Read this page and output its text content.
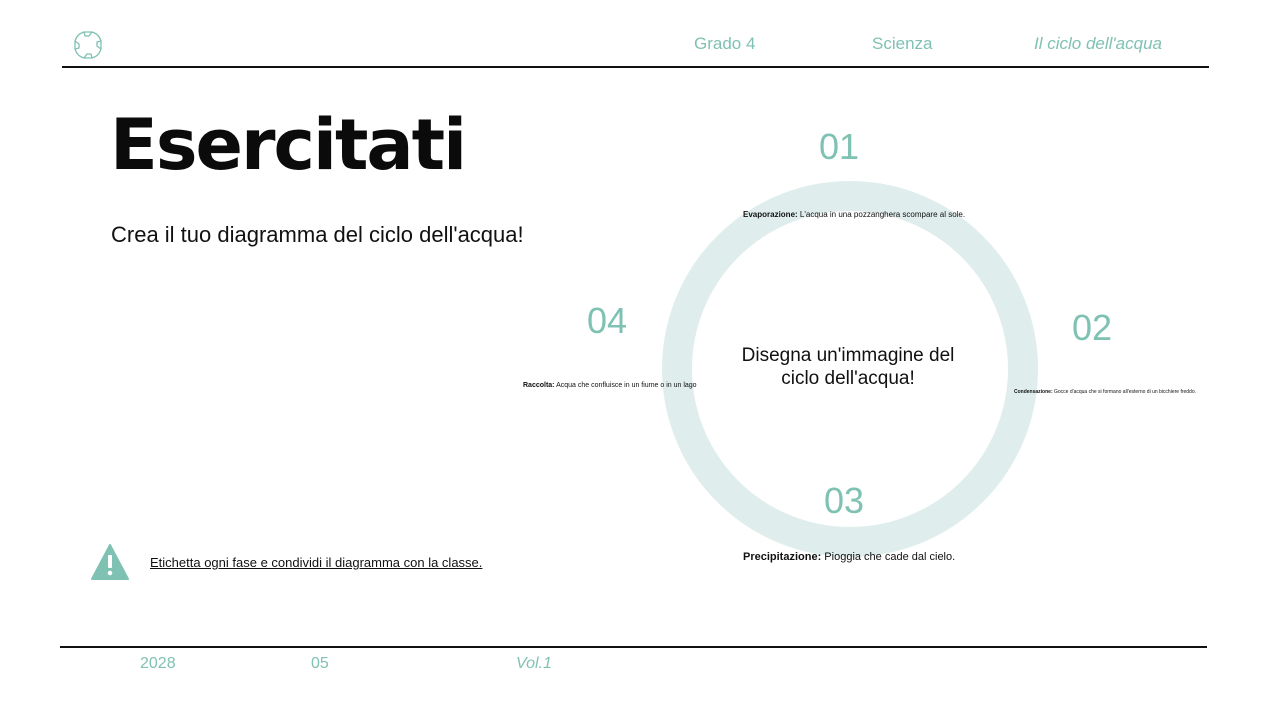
Grado 4	Scienza	Il ciclo dell'acqua
Esercitati
Crea il tuo diagramma del ciclo dell'acqua!
Etichetta ogni fase e condividi il diagramma con la classe.
01
Evaporazione: L'acqua in una pozzanghera scompare al sole.
02
Condensazione: Gocce d'acqua che si formano all'esterno di un bicchiere freddo.
03
Precipitazione: Pioggia che cade dal cielo.
04
Raccolta: Acqua che confluisce in un fiume o in un lago
Disegna un'immagine del ciclo dell'acqua!
2028	05	Vol.1
